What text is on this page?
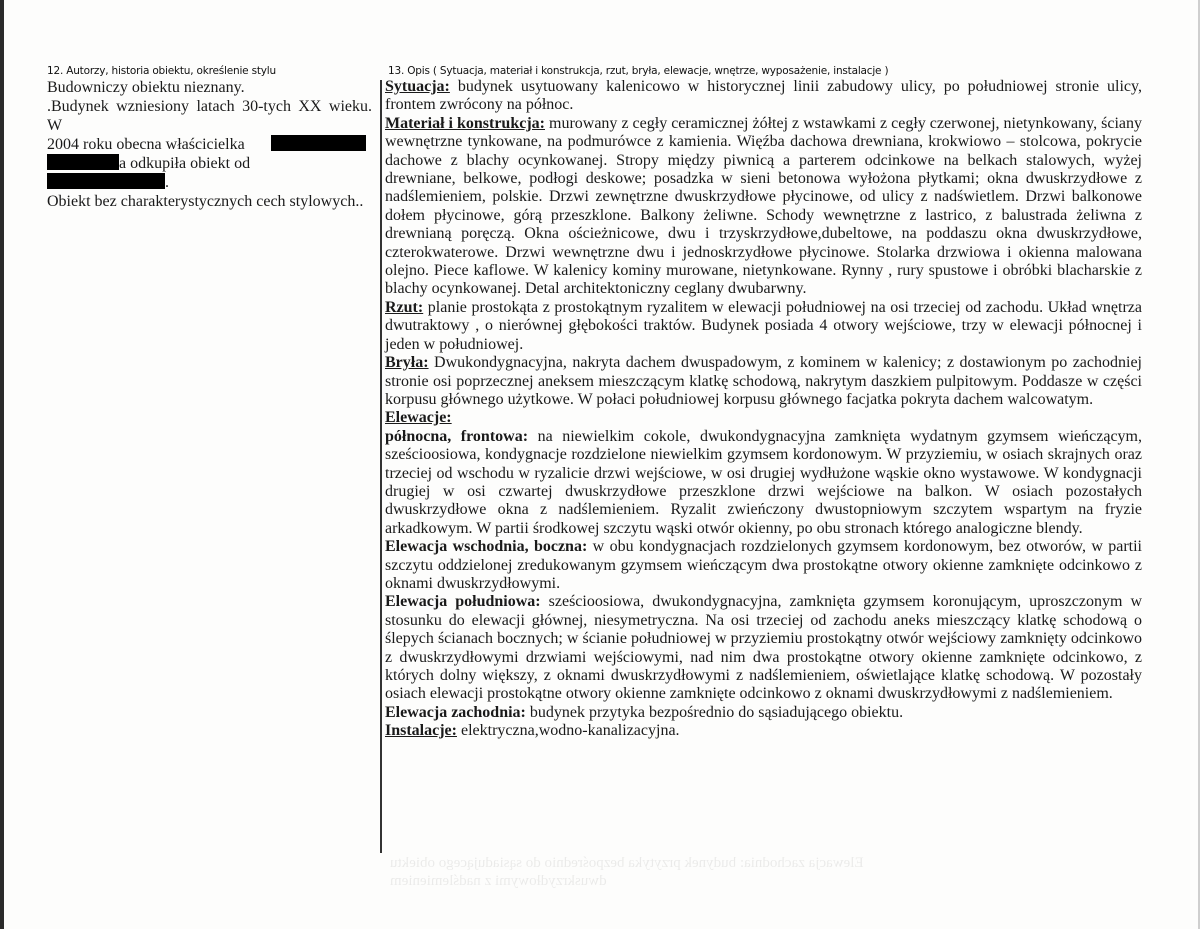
12. Autorzy, historia obiektu, określenie stylu

Budowniczy obiektu nieznany.

.Budynek wzniesiony latach 30-tych XX wieku. W

2004 roku obecna właścicielka

a odkupiła obiekt od .

Obiekt bez charakterystycznych cech stylowych..

13. Opis ( Sytuacja, materiał i konstrukcja, rzut, bryła, elewacje, wnętrze, wyposażenie, instalacje )

Sytuacja: budynek usytuowany kalenicowo w historycznej linii zabudowy ulicy, po południowej stronie ulicy, frontem zwrócony na północ.

Materiał i konstrukcja: murowany z cegły ceramicznej żółtej z wstawkami z cegły czerwonej, nietynkowany, ściany wewnętrzne tynkowane, na podmurówce z kamienia. Więźba dachowa drewniana, krokwiowo – stolcowa, pokrycie dachowe z blachy ocynkowanej. Stropy między piwnicą a parterem odcinkowe na belkach stalowych, wyżej drewniane, belkowe, podłogi deskowe; posadzka w sieni betonowa wyłożona płytkami; okna dwuskrzydłowe z nadślemieniem, polskie. Drzwi zewnętrzne dwuskrzydłowe płycinowe, od ulicy z nadświetlem. Drzwi balkonowe dołem płycinowe, górą przeszklone. Balkony żeliwne. Schody wewnętrzne z lastrico, z balustrada żeliwna z drewnianą poręczą. Okna ościeżnicowe, dwu i trzyskrzydłowe,dubeltowe, na poddaszu okna dwuskrzydłowe, czterokwaterowe. Drzwi wewnętrzne dwu i jednoskrzydłowe płycinowe. Stolarka drzwiowa i okienna malowana olejno. Piece kaflowe. W kalenicy kominy murowane, nietynkowane. Rynny , rury spustowe i obróbki blacharskie z blachy ocynkowanej. Detal architektoniczny ceglany dwubarwny.

Rzut: planie prostokąta z prostokątnym ryzalitem w elewacji południowej na osi trzeciej od zachodu. Układ wnętrza dwutraktowy , o nierównej głębokości traktów. Budynek posiada 4 otwory wejściowe, trzy w elewacji północnej i jeden w południowej.

Bryła: Dwukondygnacyjna, nakryta dachem dwuspadowym, z kominem w kalenicy; z dostawionym po zachodniej stronie osi poprzecznej aneksem mieszczącym klatkę schodową, nakrytym daszkiem pulpitowym. Poddasze w części korpusu głównego użytkowe. W połaci południowej korpusu głównego facjatka pokryta dachem walcowatym.

Elewacje:

północna, frontowa: na niewielkim cokole, dwukondygnacyjna zamknięta wydatnym gzymsem wieńczącym, sześcioosiowa, kondygnacje rozdzielone niewielkim gzymsem kordonowym. W przyziemiu, w osiach skrajnych oraz trzeciej od wschodu w ryzalicie drzwi wejściowe, w osi drugiej wydłużone wąskie okno wystawowe. W kondygnacji drugiej w osi czwartej dwuskrzydłowe przeszklone drzwi wejściowe na balkon. W osiach pozostałych dwuskrzydłowe okna z nadślemieniem. Ryzalit zwieńczony dwustopniowym szczytem wspartym na fryzie arkadkowym. W partii środkowej szczytu wąski otwór okienny, po obu stronach którego analogiczne blendy.

Elewacja wschodnia, boczna: w obu kondygnacjach rozdzielonych gzymsem kordonowym, bez otworów, w partii szczytu oddzielonej zredukowanym gzymsem wieńczącym dwa prostokątne otwory okienne zamknięte odcinkowo z oknami dwuskrzydłowymi.

Elewacja południowa: sześcioosiowa, dwukondygnacyjna, zamknięta gzymsem koronującym, uproszczonym w stosunku do elewacji głównej, niesymetryczna. Na osi trzeciej od zachodu aneks mieszczący klatkę schodową o ślepych ścianach bocznych; w ścianie południowej w przyziemiu prostokątny otwór wejściowy zamknięty odcinkowo z dwuskrzydłowymi drzwiami wejściowymi, nad nim dwa prostokątne otwory okienne zamknięte odcinkowo, z których dolny większy, z oknami dwuskrzydłowymi z nadślemieniem, oświetlające klatkę schodową. W pozostały osiach elewacji prostokątne otwory okienne zamknięte odcinkowo z oknami dwuskrzydłowymi z nadślemieniem.

Elewacja zachodnia: budynek przytyka bezpośrednio do sąsiadującego obiektu.

Instalacje: elektryczna,wodno-kanalizacyjna.

Elewacja zachodnia: budynek przytyka bezpośrednio do sąsiadującego obiektu
dwuskrzydłowymi z nadślemieniem
